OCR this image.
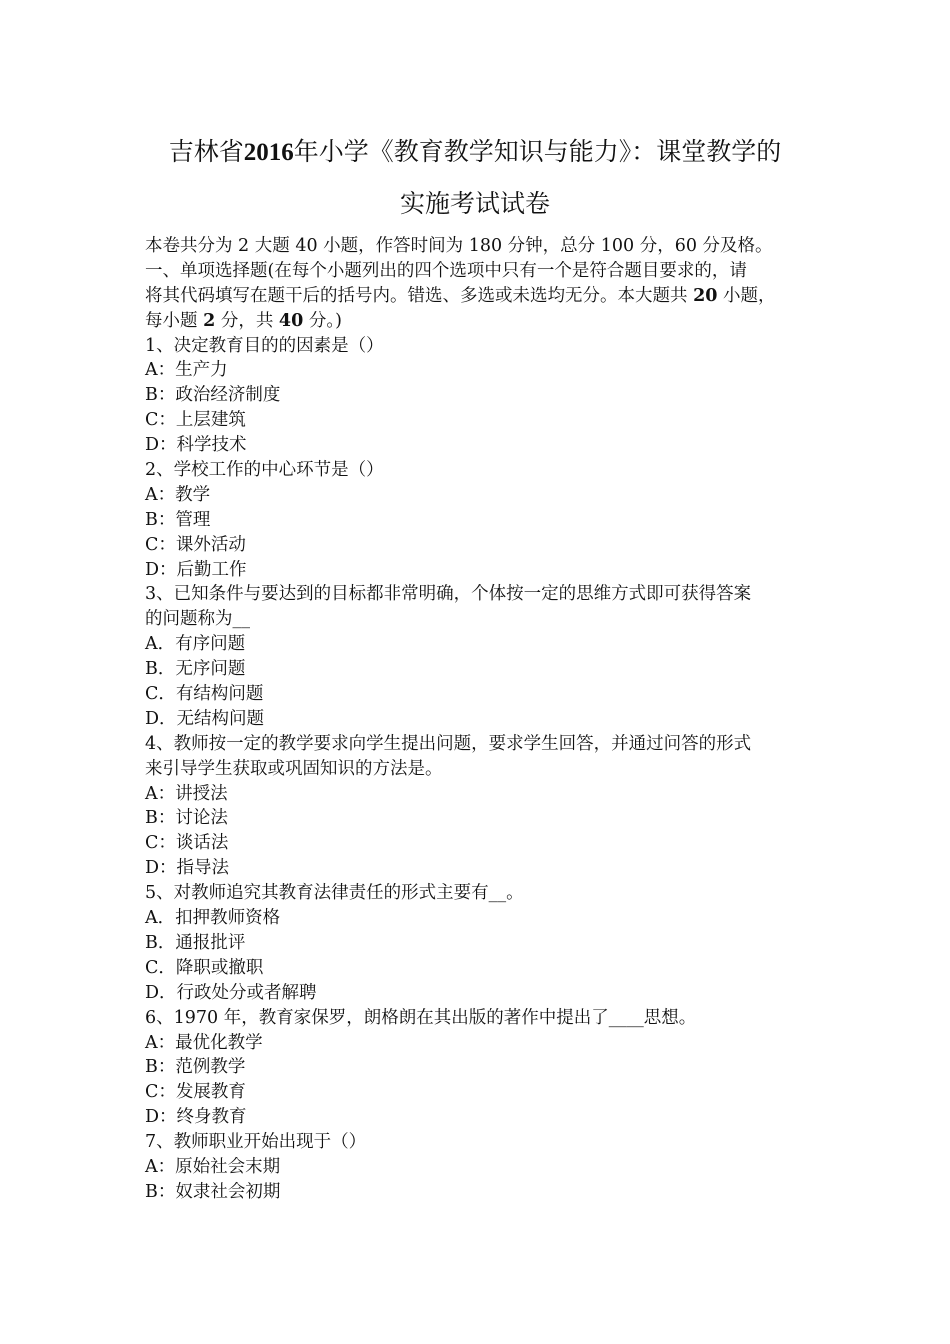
吉林省2016年小学《教育教学知识与能力》：课堂教学的
实施考试试卷
本卷共分为 2 大题 40 小题，作答时间为 180 分钟，总分 100 分，60 分及格。
一、单项选择题(在每个小题列出的四个选项中只有一个是符合题目要求的，请
将其代码填写在题干后的括号内。错选、多选或未选均无分。本大题共 20 小题，
每小题 2 分，共 40 分。)
1、决定教育目的的因素是（）
A：生产力
B：政治经济制度
C：上层建筑
D：科学技术
2、学校工作的中心环节是（）
A：教学
B：管理
C：课外活动
D：后勤工作
3、已知条件与要达到的目标都非常明确，个体按一定的思维方式即可获得答案
的问题称为__
A．有序问题
B．无序问题
C．有结构问题
D．无结构问题
4、教师按一定的教学要求向学生提出问题，要求学生回答，并通过问答的形式
来引导学生获取或巩固知识的方法是。
A：讲授法
B：讨论法
C：谈话法
D：指导法
5、对教师追究其教育法律责任的形式主要有__。
A．扣押教师资格
B．通报批评
C．降职或撤职
D．行政处分或者解聘
6、1970 年，教育家保罗，朗格朗在其出版的著作中提出了____思想。
A：最优化教学
B：范例教学
C：发展教育
D：终身教育
7、教师职业开始出现于（）
A：原始社会末期
B：奴隶社会初期
